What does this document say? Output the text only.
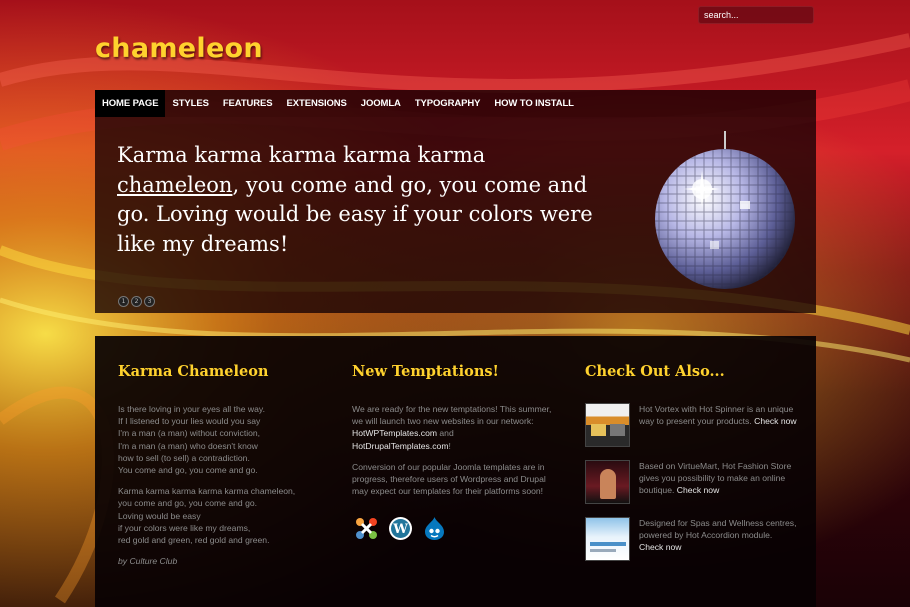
search...
chameleon
HOME PAGE	STYLES	FEATURES	EXTENSIONS	JOOMLA	TYPOGRAPHY	HOW TO INSTALL
Karma karma karma karma karma chameleon, you come and go, you come and go. Loving would be easy if your colors were like my dreams!
1	2	3
Karma Chameleon

Is there loving in your eyes all the way.
If I listened to your lies would you say
I'm a man (a man) without conviction,
I'm a man (a man) who doesn't know
how to sell (to sell) a contradiction.
You come and go, you come and go.

Karma karma karma karma karma chameleon,
you come and go, you come and go.
Loving would be easy
if your colors were like my dreams,
red gold and green, red gold and green.

by Culture Club

New Temptations!

We are ready for the new temptations! This summer, we will launch two new websites in our network: HotWPTemplates.com and HotDrupalTemplates.com!

Conversion of our popular Joomla templates are in progress, therefore users of Wordpress and Drupal may expect our templates for their platforms soon!

W
Check Out Also...

Hot Vortex with Hot Spinner is an unique way to present your products. Check now

Based on VirtueMart, Hot Fashion Store gives you possibility to make an online boutique. Check now

Designed for Spas and Wellness centres, powered by Hot Accordion module. Check now
